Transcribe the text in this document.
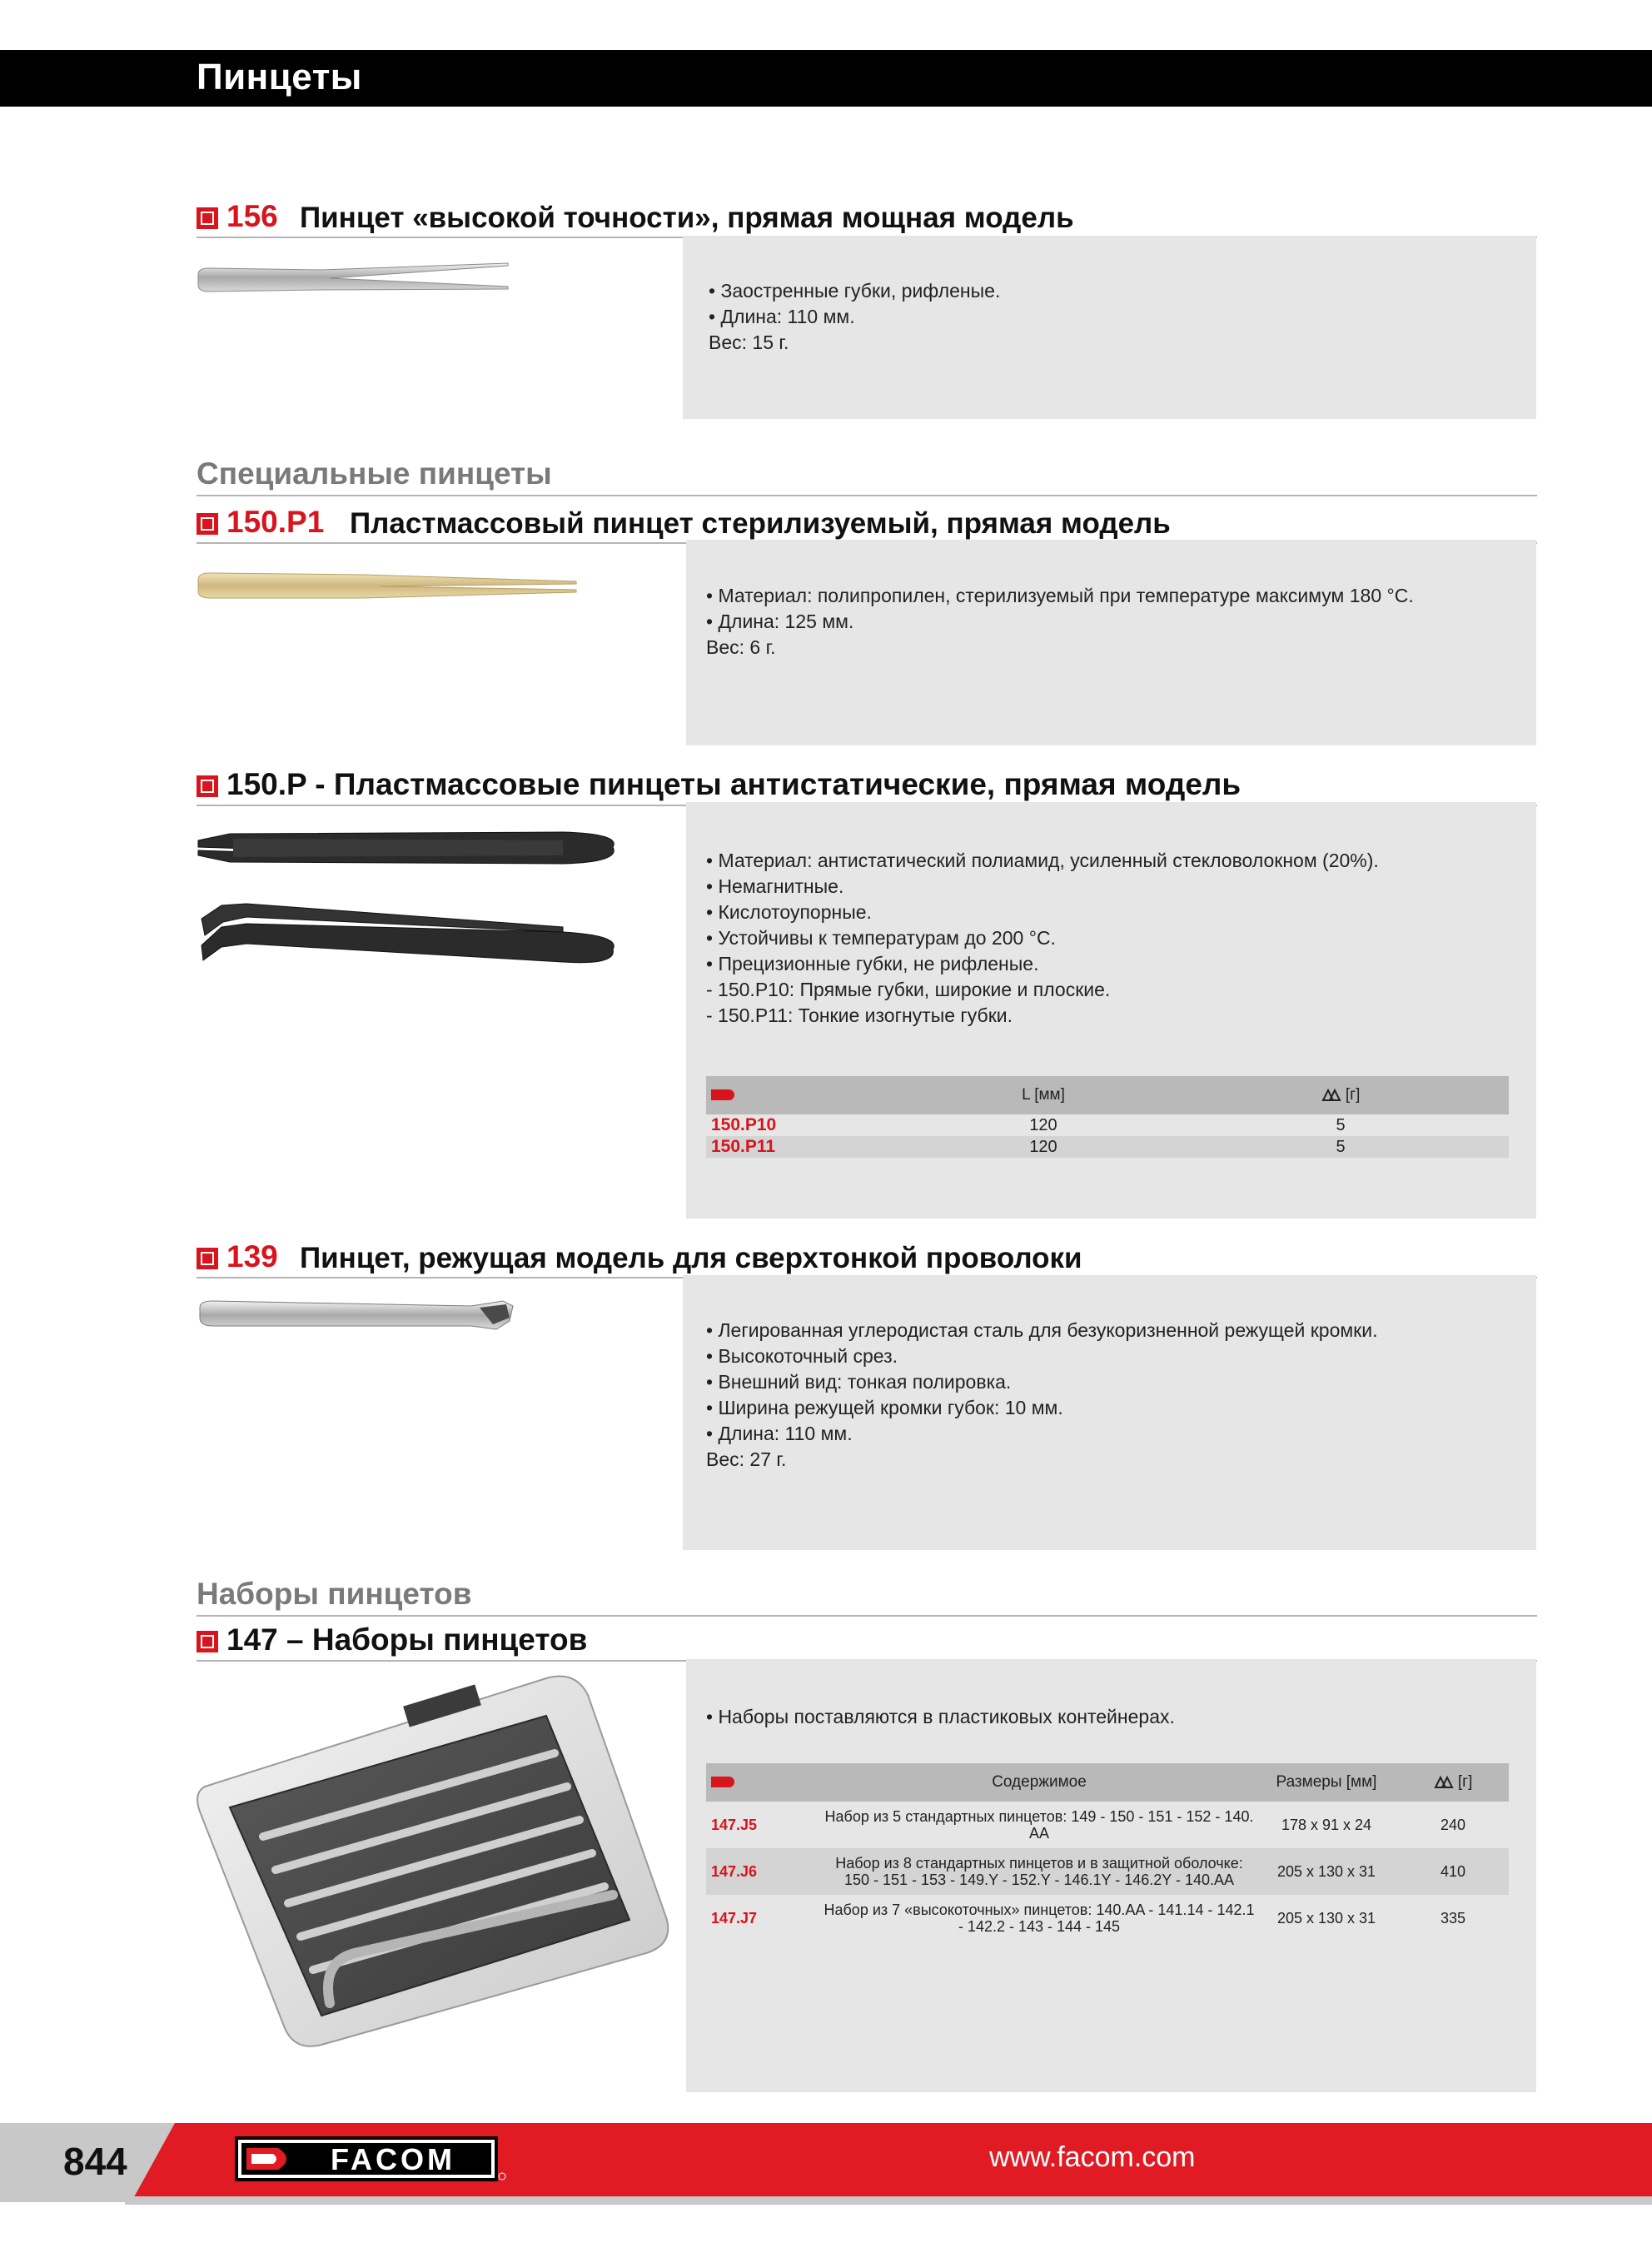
Пинцеты
156 Пинцет «высокой точности», прямая мощная модель
• Заостренные губки, рифленые.
• Длина: 110 мм.
Вес: 15 г.
Специальные пинцеты
150.P1 Пластмассовый пинцет стерилизуемый, прямая модель
• Материал: полипропилен, стерилизуемый при температуре максимум 180 °C.
• Длина: 125 мм.
Вес: 6 г.
150.P - Пластмассовые пинцеты антистатические, прямая модель
• Материал: антистатический полиамид, усиленный стекловолокном (20%).
• Немагнитные.
• Кислотоупорные.
• Устойчивы к температурам до 200 °C.
• Прецизионные губки, не рифленые.
- 150.P10: Прямые губки, широкие и плоские.
- 150.P11: Тонкие изогнутые губки.
	L [мм]	[г]
150.P10	120	5
150.P11	120	5
139 Пинцет, режущая модель для сверхтонкой проволоки
• Легированная углеродистая сталь для безукоризненной режущей кромки.
• Высокоточный срез.
• Внешний вид: тонкая полировка.
• Ширина режущей кромки губок: 10 мм.
• Длина: 110 мм.
Вес: 27 г.
Наборы пинцетов
147 – Наборы пинцетов
• Наборы поставляются в пластиковых контейнерах.
	Содержимое	Размеры [мм]	[г]
147.J5	Набор из 5 стандартных пинцетов: 149 - 150 - 151 - 152 - 140. AA	178 x 91 x 24	240
147.J6	Набор из 8 стандартных пинцетов и в защитной оболочке: 150 - 151 - 153 - 149.Y - 152.Y - 146.1Y - 146.2Y - 140.AA	205 x 130 x 31	410
147.J7	Набор из 7 «высокоточных» пинцетов: 140.AA - 141.14 - 142.1 - 142.2 - 143 - 144 - 145	205 x 130 x 31	335
844	FACOM	www.facom.com
